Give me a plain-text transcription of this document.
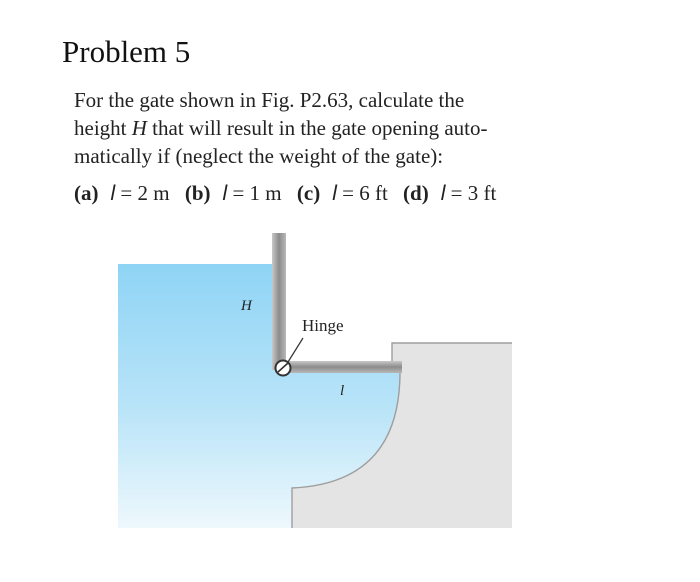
Problem 5

For the gate shown in Fig. P2.63, calculate the

height H that will result in the gate opening auto-

matically if (neglect the weight of the gate):

(a) l = 2 m (b) l = 1 m (c) l = 6 ft (d) l = 3 ft
H
Hinge
l
